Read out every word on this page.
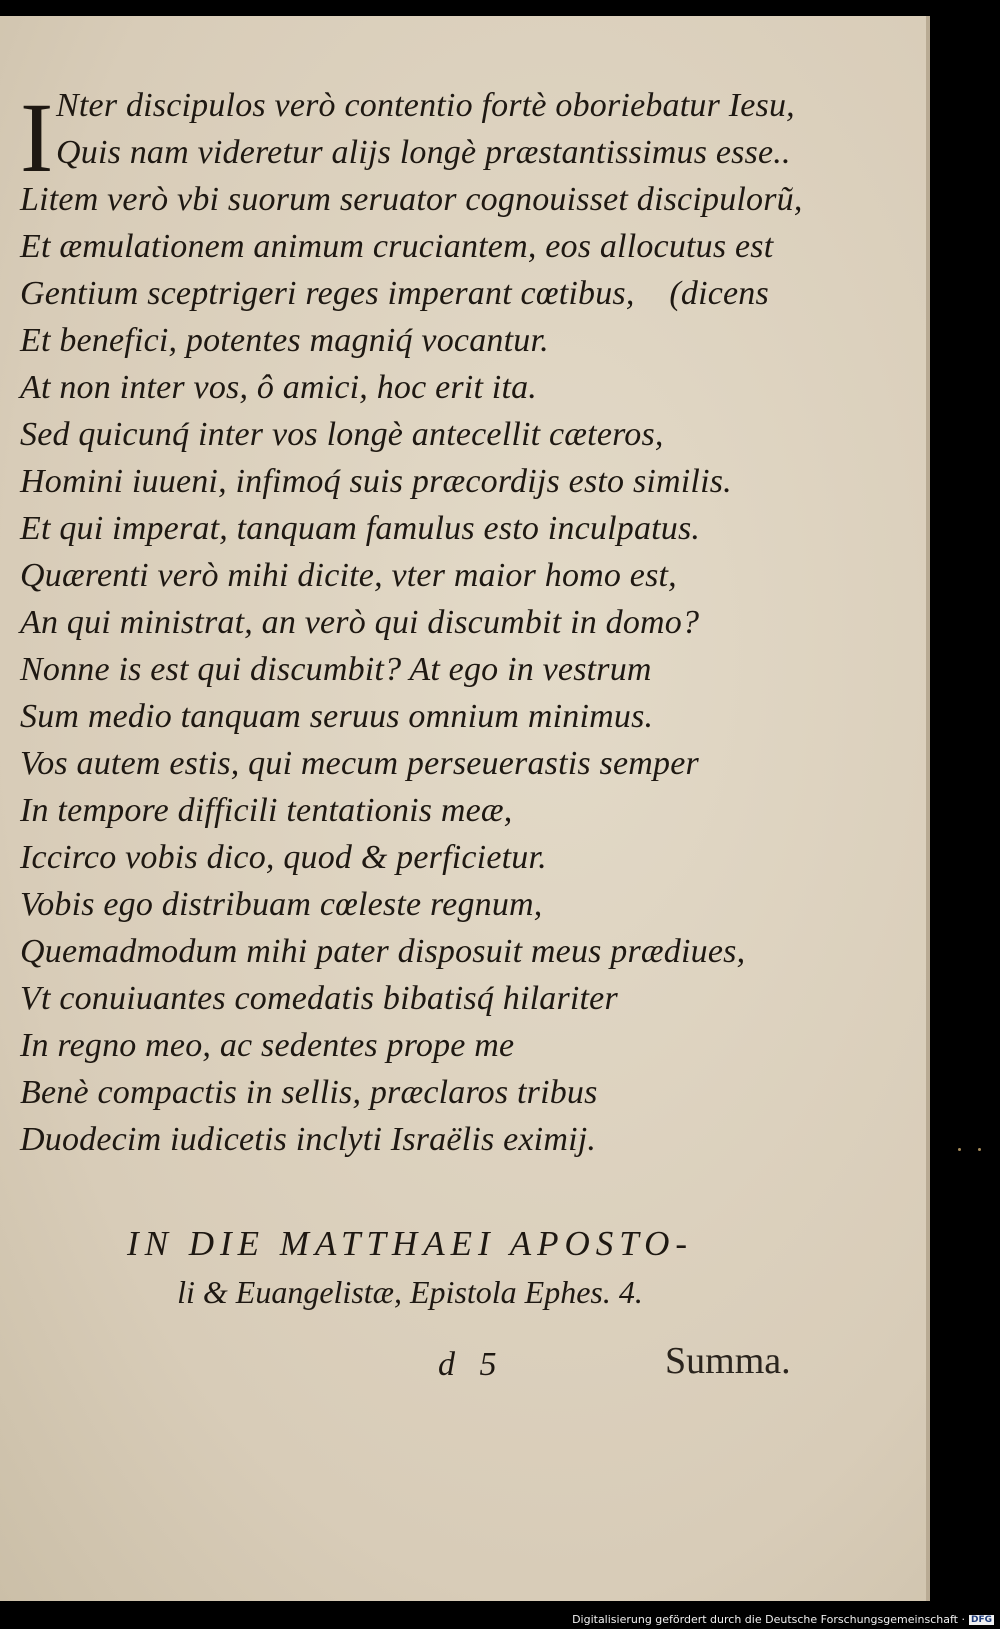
I Nter discipulos verò contentio fortè oboriebatur Iesu,
Quis nam videretur alijs longè præstantissimus esse..
Litem verò vbi suorum seruator cognouisset discipulorũ,
Et æmulationem animum cruciantem, eos allocutus est
Gentium sceptrigeri reges imperant cœtibus,    (dicens
Et benefici, potentes magniq́ vocantur.
At non inter vos, ô amici, hoc erit ita.
Sed quicunq́ inter vos longè antecellit cæteros,
Homini iuueni, infimoq́ suis præcordijs esto similis.
Et qui imperat, tanquam famulus esto inculpatus.
Quærenti verò mihi dicite, vter maior homo est,
An qui ministrat, an verò qui discumbit in domo?
Nonne is est qui discumbit? At ego in vestrum
Sum medio tanquam seruus omnium minimus.
Vos autem estis, qui mecum perseuerastis semper
In tempore difficili tentationis meæ,
Iccirco vobis dico, quod & perficietur.
Vobis ego distribuam cœleste regnum,
Quemadmodum mihi pater disposuit meus prædiues,
Vt conuiuantes comedatis bibatisq́ hilariter
In regno meo, ac sedentes prope me
Benè compactis in sellis, præclaros tribus
Duodecim iudicetis inclyti Israëlis eximij.
IN DIE MATTHAEI APOSTO-
li & Euangelistæ, Epistola Ephes. 4.
d 5	Summa.
Digitalisierung gefördert durch die Deutsche Forschungsgemeinschaft · DFG
